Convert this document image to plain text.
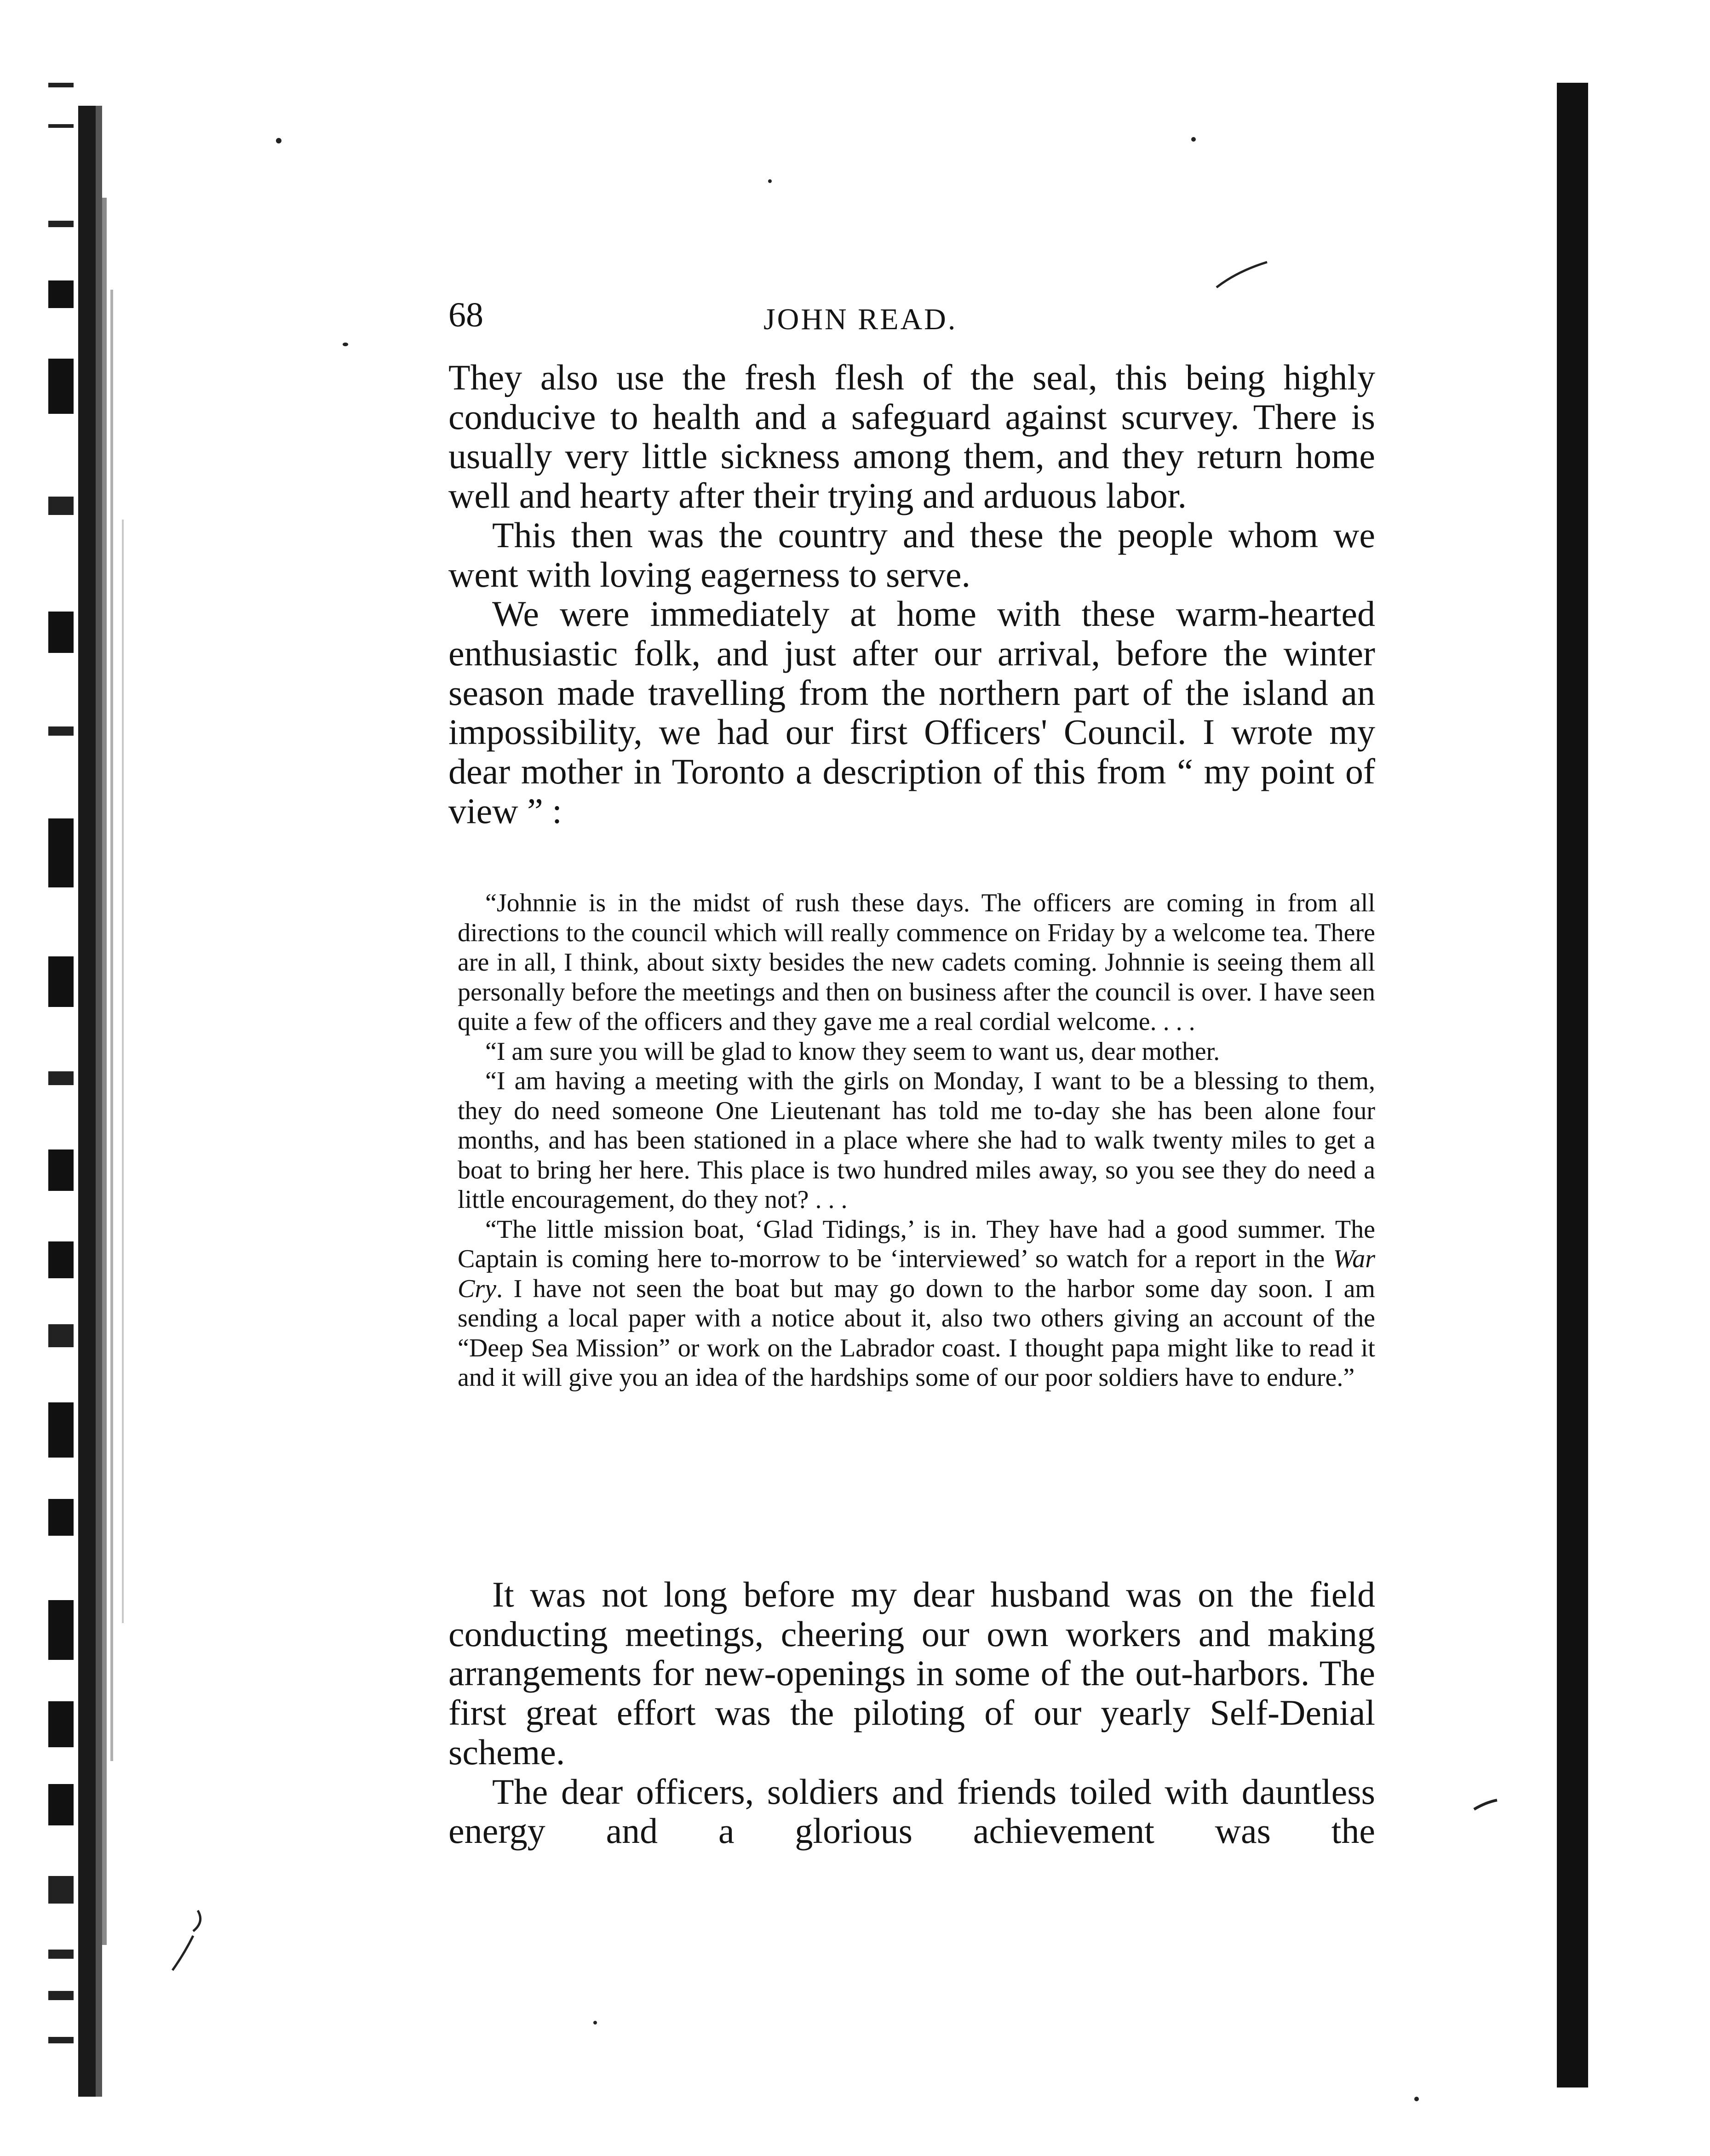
68	JOHN READ.

They also use the fresh flesh of the seal, this being highly conducive to health and a safeguard against scurvey. There is usually very little sickness among them, and they return home well and hearty after their trying and arduous labor.

This then was the country and these the people whom we went with loving eagerness to serve.

We were immediately at home with these warm-hearted enthusiastic folk, and just after our arrival, before the winter season made travelling from the northern part of the island an impossibility, we had our first Officers' Council. I wrote my dear mother in Toronto a description of this from “ my point of view ” :

“Johnnie is in the midst of rush these days. The officers are coming in from all directions to the council which will really commence on Friday by a welcome tea. There are in all, I think, about sixty besides the new cadets coming. Johnnie is seeing them all personally before the meetings and then on business after the council is over. I have seen quite a few of the officers and they gave me a real cordial welcome. . . .

“I am sure you will be glad to know they seem to want us, dear mother.

“I am having a meeting with the girls on Monday, I want to be a blessing to them, they do need someone One Lieutenant has told me to-day she has been alone four months, and has been stationed in a place where she had to walk twenty miles to get a boat to bring her here. This place is two hundred miles away, so you see they do need a little encouragement, do they not? . . .

“The little mission boat, ‘Glad Tidings,’ is in. They have had a good summer. The Captain is coming here to-morrow to be ‘interviewed’ so watch for a report in the War Cry. I have not seen the boat but may go down to the harbor some day soon. I am sending a local paper with a notice about it, also two others giving an account of the “Deep Sea Mission” or work on the Labrador coast. I thought papa might like to read it and it will give you an idea of the hardships some of our poor soldiers have to endure.”

It was not long before my dear husband was on the field conducting meetings, cheering our own workers and making arrangements for new-openings in some of the out-harbors. The first great effort was the piloting of our yearly Self-Denial scheme.

The dear officers, soldiers and friends toiled with dauntless energy and a glorious achievement was the
